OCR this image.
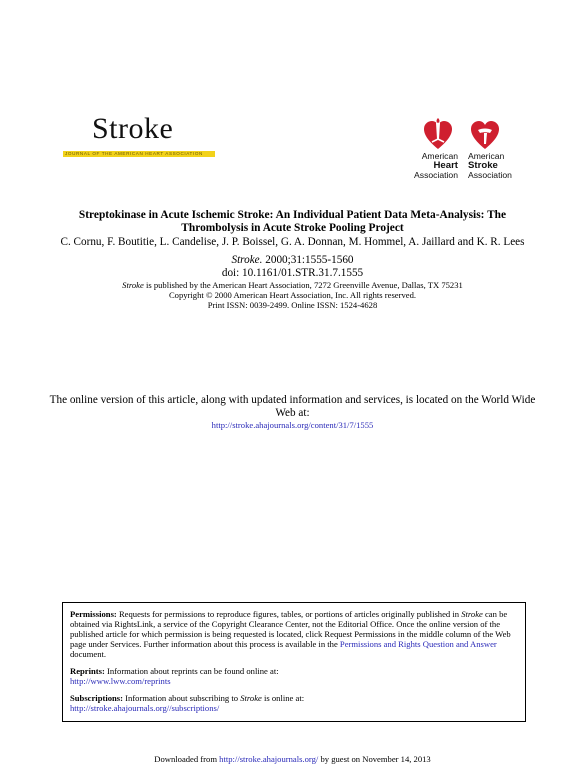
Stroke
JOURNAL OF THE AMERICAN HEART ASSOCIATION	American
Heart
Association
American
Stroke
Association
Streptokinase in Acute Ischemic Stroke: An Individual Patient Data Meta-Analysis: The
Thrombolysis in Acute Stroke Pooling Project
C. Cornu, F. Boutitie, L. Candelise, J. P. Boissel, G. A. Donnan, M. Hommel, A. Jaillard and K. R. Lees
Stroke. 2000;31:1555-1560
doi: 10.1161/01.STR.31.7.1555
Stroke is published by the American Heart Association, 7272 Greenville Avenue, Dallas, TX 75231
Copyright © 2000 American Heart Association, Inc. All rights reserved.
Print ISSN: 0039-2499. Online ISSN: 1524-4628
The online version of this article, along with updated information and services, is located on the World Wide Web at:
http://stroke.ahajournals.org/content/31/7/1555

Permissions: Requests for permissions to reproduce figures, tables, or portions of articles originally published in Stroke can be obtained via RightsLink, a service of the Copyright Clearance Center, not the Editorial Office. Once the online version of the published article for which permission is being requested is located, click Request Permissions in the middle column of the Web page under Services. Further information about this process is available in the Permissions and Rights Question and Answer document.

Reprints: Information about reprints can be found online at:
http://www.lww.com/reprints

Subscriptions: Information about subscribing to Stroke is online at:
http://stroke.ahajournals.org//subscriptions/

Downloaded from http://stroke.ahajournals.org/ by guest on November 14, 2013
